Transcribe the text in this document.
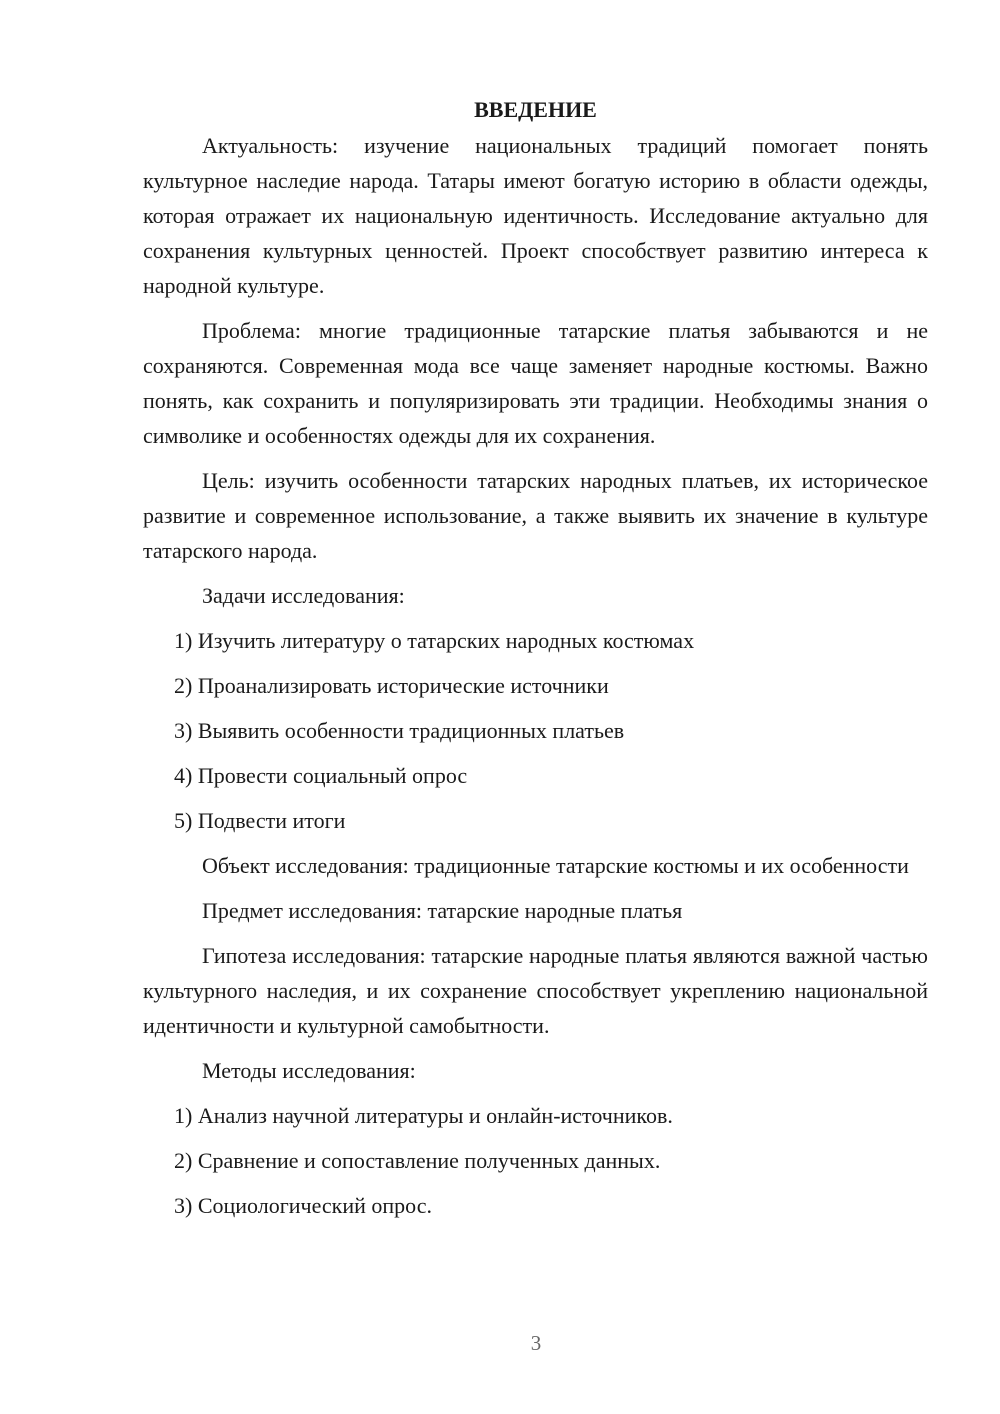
ВВЕДЕНИЕ

Актуальность: изучение национальных традиций помогает понять культурное наследие народа. Татары имеют богатую историю в области одежды, которая отражает их национальную идентичность. Исследование актуально для сохранения культурных ценностей. Проект способствует развитию интереса к народной культуре.

Проблема: многие традиционные татарские платья забываются и не сохраняются. Современная мода все чаще заменяет народные костюмы. Важно понять, как сохранить и популяризировать эти традиции. Необходимы знания о символике и особенностях одежды для их сохранения.

Цель: изучить особенности татарских народных платьев, их историческое развитие и современное использование, а также выявить их значение в культуре татарского народа.

Задачи исследования:

1) Изучить литературу о татарских народных костюмах

2) Проанализировать исторические источники

3) Выявить особенности традиционных платьев

4) Провести социальный опрос

5) Подвести итоги

Объект исследования: традиционные татарские костюмы и их особенности

Предмет исследования: татарские народные платья

Гипотеза исследования: татарские народные платья являются важной частью культурного наследия, и их сохранение способствует укреплению национальной идентичности и культурной самобытности.

Методы исследования:

1) Анализ научной литературы и онлайн-источников.

2) Сравнение и сопоставление полученных данных.

3) Социологический опрос.

3
